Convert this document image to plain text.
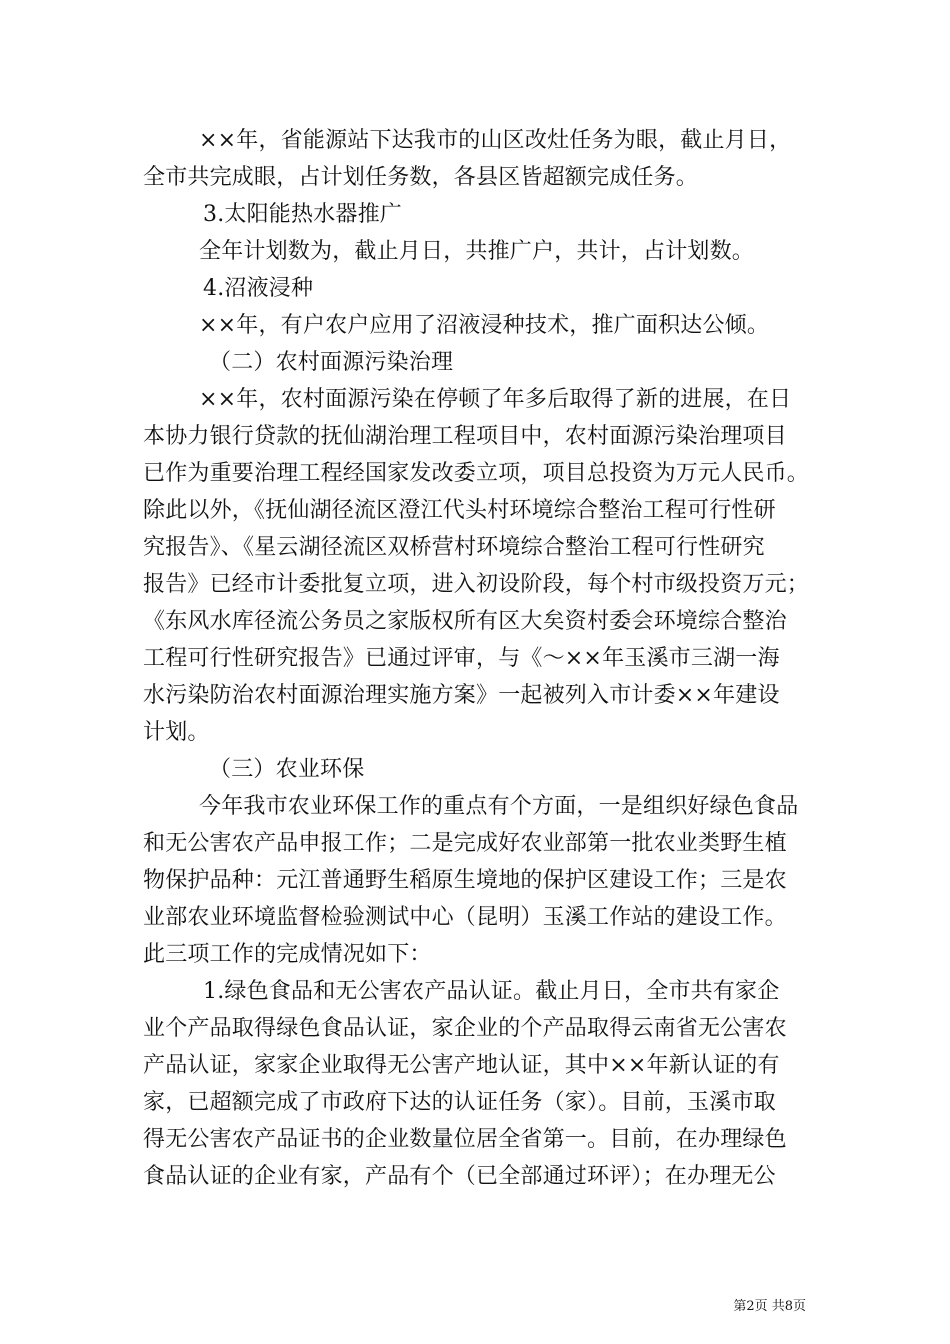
××年，省能源站下达我市的山区改灶任务为眼，截止月日，
全市共完成眼，占计划任务数，各县区皆超额完成任务。
3.太阳能热水器推广
全年计划数为，截止月日，共推广户，共计，占计划数。
4.沼液浸种
××年，有户农户应用了沼液浸种技术，推广面积达公倾。
（二）农村面源污染治理
××年，农村面源污染在停顿了年多后取得了新的进展，在日
本协力银行贷款的抚仙湖治理工程项目中，农村面源污染治理项目
已作为重要治理工程经国家发改委立项，项目总投资为万元人民币。
除此以外，《抚仙湖径流区澄江代头村环境综合整治工程可行性研
究报告》、《星云湖径流区双桥营村环境综合整治工程可行性研究
报告》已经市计委批复立项，进入初设阶段，每个村市级投资万元；
《东风水库径流公务员之家版权所有区大矣资村委会环境综合整治
工程可行性研究报告》已通过评审，与《～××年玉溪市三湖一海
水污染防治农村面源治理实施方案》一起被列入市计委××年建设
计划。
（三）农业环保
今年我市农业环保工作的重点有个方面，一是组织好绿色食品
和无公害农产品申报工作；二是完成好农业部第一批农业类野生植
物保护品种：元江普通野生稻原生境地的保护区建设工作；三是农
业部农业环境监督检验测试中心（昆明）玉溪工作站的建设工作。
此三项工作的完成情况如下：
1.绿色食品和无公害农产品认证。截止月日，全市共有家企
业个产品取得绿色食品认证，家企业的个产品取得云南省无公害农
产品认证，家家企业取得无公害产地认证，其中××年新认证的有
家，已超额完成了市政府下达的认证任务（家）。目前，玉溪市取
得无公害农产品证书的企业数量位居全省第一。目前，在办理绿色
食品认证的企业有家，产品有个（已全部通过环评）；在办理无公
第2页 共8页
